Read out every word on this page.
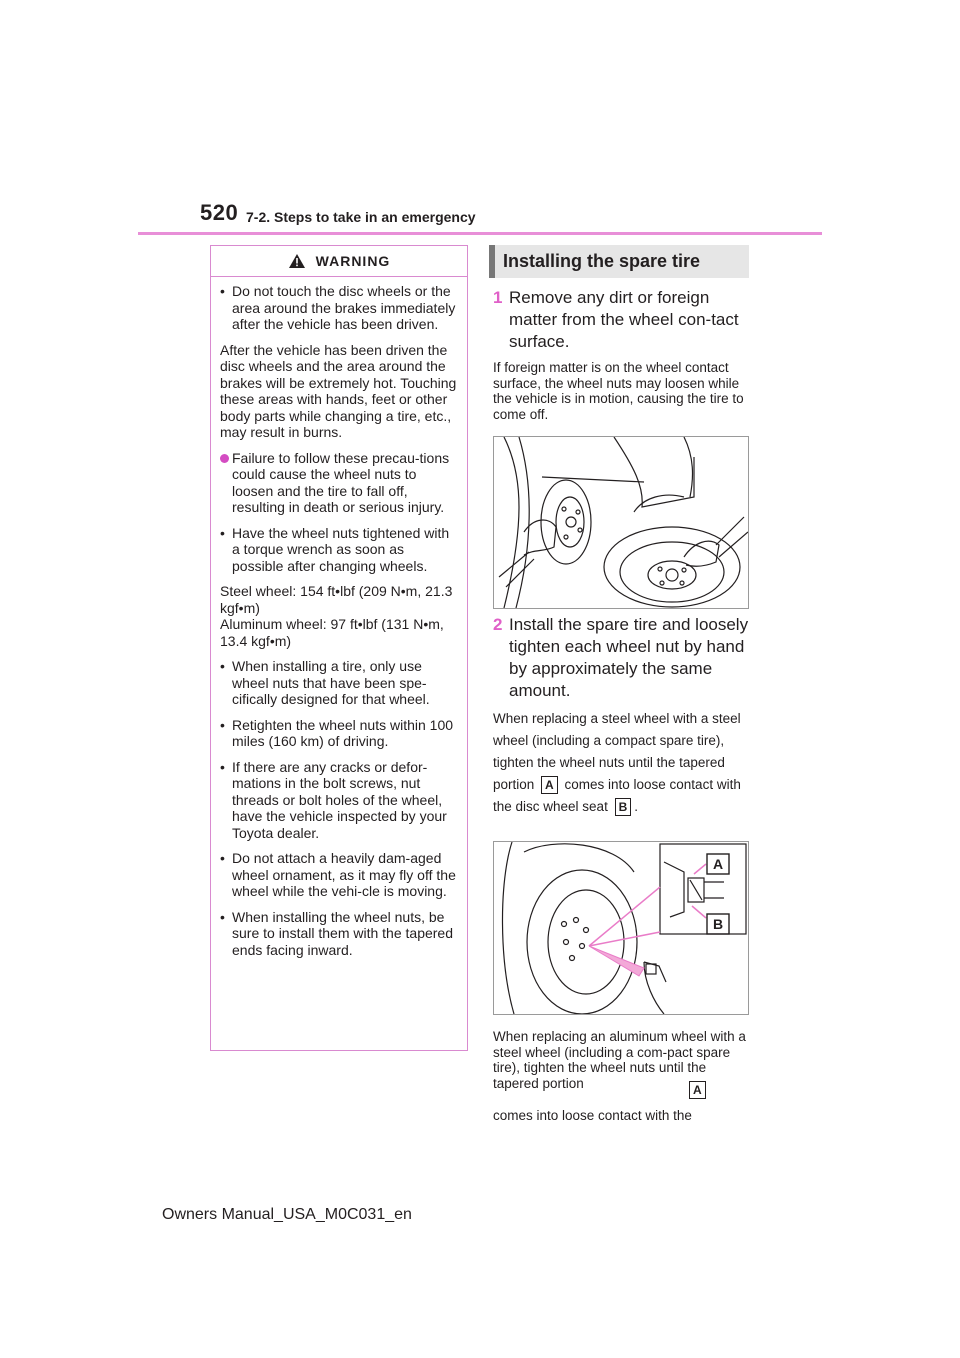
520 7-2. Steps to take in an emergency
WARNING
• Do not touch the disc wheels or the area around the brakes immediately after the vehicle has been driven.
After the vehicle has been driven the disc wheels and the area around the brakes will be extremely hot. Touching these areas with hands, feet or other body parts while changing a tire, etc., may result in burns.
Failure to follow these precau-tions could cause the wheel nuts to loosen and the tire to fall off, resulting in death or serious injury.
• Have the wheel nuts tightened with a torque wrench as soon as possible after changing wheels.
Steel wheel: 154 ft•lbf (209 N•m, 21.3 kgf•m)
Aluminum wheel: 97 ft•lbf (131 N•m, 13.4 kgf•m)
• When installing a tire, only use wheel nuts that have been spe-cifically designed for that wheel.
• Retighten the wheel nuts within 100 miles (160 km) of driving.
• If there are any cracks or defor-mations in the bolt screws, nut threads or bolt holes of the wheel, have the vehicle inspected by your Toyota dealer.
• Do not attach a heavily dam-aged wheel ornament, as it may fly off the wheel while the vehi-cle is moving.
• When installing the wheel nuts, be sure to install them with the tapered ends facing inward.
Installing the spare tire
1 Remove any dirt or foreign matter from the wheel con-tact surface.
If foreign matter is on the wheel contact surface, the wheel nuts may loosen while the vehicle is in motion, causing the tire to come off.
2 Install the spare tire and loosely tighten each wheel nut by hand by approximately the same amount.
When replacing a steel wheel with a steel wheel (including a compact spare tire), tighten the wheel nuts until the tapered portion A comes into loose contact with the disc wheel seat B .
A
B
When replacing an aluminum wheel with a steel wheel (including a com-pact spare tire), tighten the wheel nuts until the tapered portion	A
comes into loose contact with the
Owners Manual_USA_M0C031_en
